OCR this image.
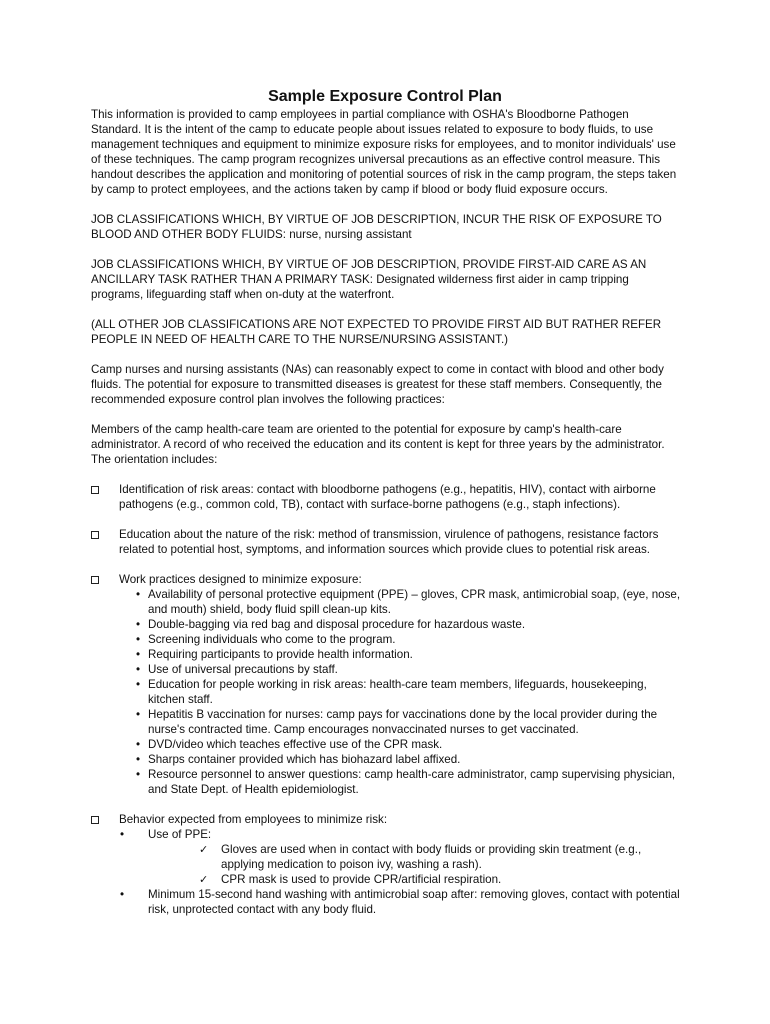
Sample Exposure Control Plan

This information is provided to camp employees in partial compliance with OSHA's Bloodborne Pathogen Standard. It is the intent of the camp to educate people about issues related to exposure to body fluids, to use management techniques and equipment to minimize exposure risks for employees, and to monitor individuals' use of these techniques. The camp program recognizes universal precautions as an effective control measure. This handout describes the application and monitoring of potential sources of risk in the camp program, the steps taken by camp to protect employees, and the actions taken by camp if blood or body fluid exposure occurs.

JOB CLASSIFICATIONS WHICH, BY VIRTUE OF JOB DESCRIPTION, INCUR THE RISK OF EXPOSURE TO BLOOD AND OTHER BODY FLUIDS: nurse, nursing assistant

JOB CLASSIFICATIONS WHICH, BY VIRTUE OF JOB DESCRIPTION, PROVIDE FIRST-AID CARE AS AN ANCILLARY TASK RATHER THAN A PRIMARY TASK: Designated wilderness first aider in camp tripping programs, lifeguarding staff when on-duty at the waterfront.

(ALL OTHER JOB CLASSIFICATIONS ARE NOT EXPECTED TO PROVIDE FIRST AID BUT RATHER REFER PEOPLE IN NEED OF HEALTH CARE TO THE NURSE/NURSING ASSISTANT.)

Camp nurses and nursing assistants (NAs) can reasonably expect to come in contact with blood and other body fluids. The potential for exposure to transmitted diseases is greatest for these staff members. Consequently, the recommended exposure control plan involves the following practices:

Members of the camp health-care team are oriented to the potential for exposure by camp's health-care administrator. A record of who received the education and its content is kept for three years by the administrator. The orientation includes:

Identification of risk areas: contact with bloodborne pathogens (e.g., hepatitis, HIV), contact with airborne pathogens (e.g., common cold, TB), contact with surface-borne pathogens (e.g., staph infections).
Education about the nature of the risk: method of transmission, virulence of pathogens, resistance factors related to potential host, symptoms, and information sources which provide clues to potential risk areas.
Work practices designed to minimize exposure:
• Availability of personal protective equipment (PPE) – gloves, CPR mask, antimicrobial soap, (eye, nose, and mouth) shield, body fluid spill clean-up kits.
• Double-bagging via red bag and disposal procedure for hazardous waste.
• Screening individuals who come to the program.
• Requiring participants to provide health information.
• Use of universal precautions by staff.
• Education for people working in risk areas: health-care team members, lifeguards, housekeeping, kitchen staff.
• Hepatitis B vaccination for nurses: camp pays for vaccinations done by the local provider during the nurse's contracted time. Camp encourages nonvaccinated nurses to get vaccinated.
• DVD/video which teaches effective use of the CPR mask.
• Sharps container provided which has biohazard label affixed.
• Resource personnel to answer questions: camp health-care administrator, camp supervising physician, and State Dept. of Health epidemiologist.
Behavior expected from employees to minimize risk:
• Use of PPE:
✓ Gloves are used when in contact with body fluids or providing skin treatment (e.g., applying medication to poison ivy, washing a rash).
✓ CPR mask is used to provide CPR/artificial respiration.
• Minimum 15-second hand washing with antimicrobial soap after: removing gloves, contact with potential risk, unprotected contact with any body fluid.
